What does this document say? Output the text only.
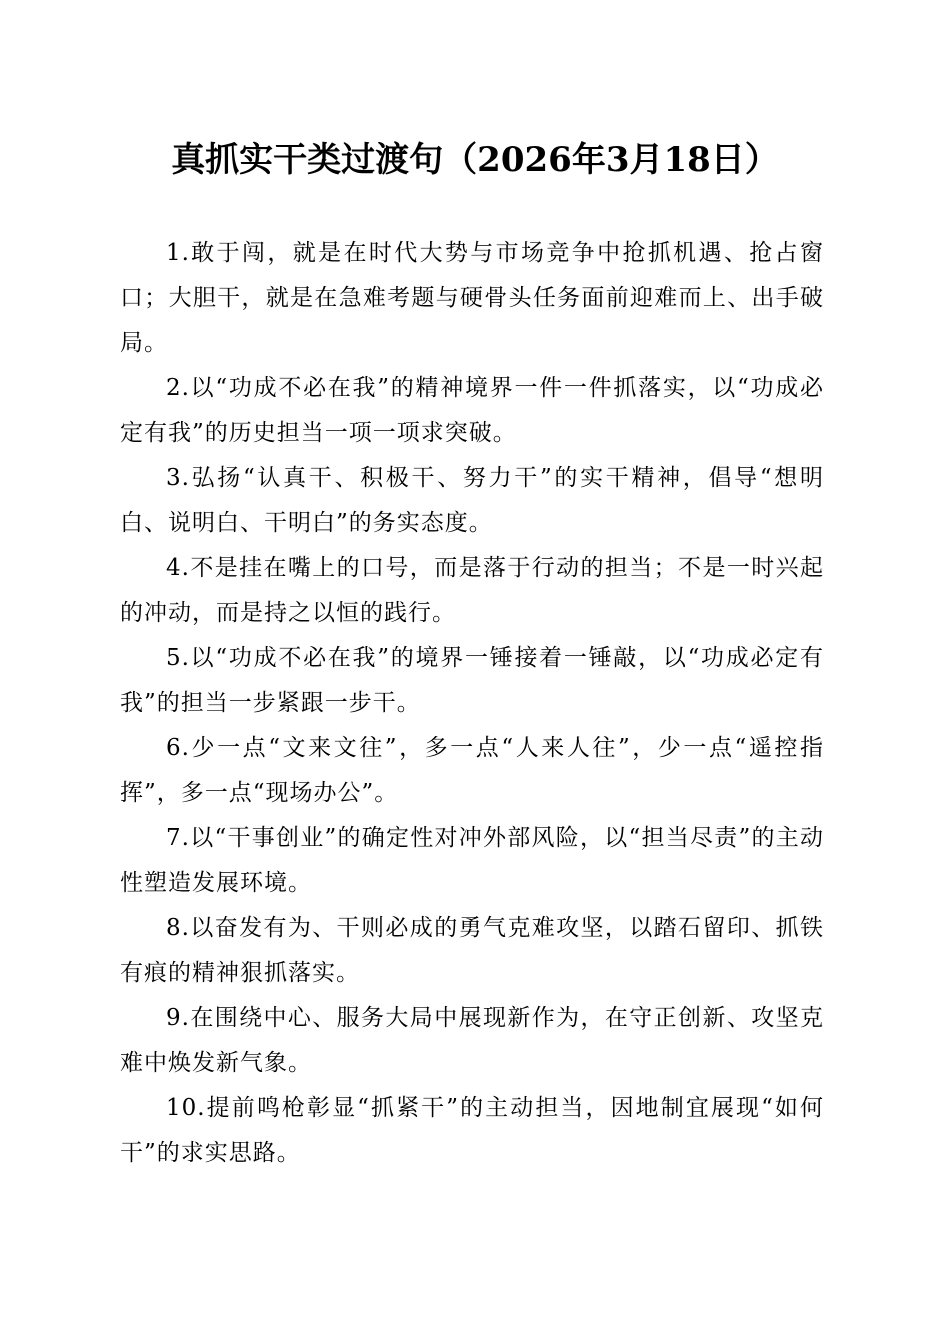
真抓实干类过渡句（2026年3月18日）

1.敢于闯，就是在时代大势与市场竞争中抢抓机遇、抢占窗口；大胆干，就是在急难考题与硬骨头任务面前迎难而上、出手破局。

2.以“功成不必在我”的精神境界一件一件抓落实，以“功成必定有我”的历史担当一项一项求突破。

3.弘扬“认真干、积极干、努力干”的实干精神，倡导“想明白、说明白、干明白”的务实态度。

4.不是挂在嘴上的口号，而是落于行动的担当；不是一时兴起的冲动，而是持之以恒的践行。

5.以“功成不必在我”的境界一锤接着一锤敲，以“功成必定有我”的担当一步紧跟一步干。

6.少一点“文来文往”，多一点“人来人往”，少一点“遥控指挥”，多一点“现场办公”。

7.以“干事创业”的确定性对冲外部风险，以“担当尽责”的主动性塑造发展环境。

8.以奋发有为、干则必成的勇气克难攻坚，以踏石留印、抓铁有痕的精神狠抓落实。

9.在围绕中心、服务大局中展现新作为，在守正创新、攻坚克难中焕发新气象。

10.提前鸣枪彰显“抓紧干”的主动担当，因地制宜展现“如何干”的求实思路。
